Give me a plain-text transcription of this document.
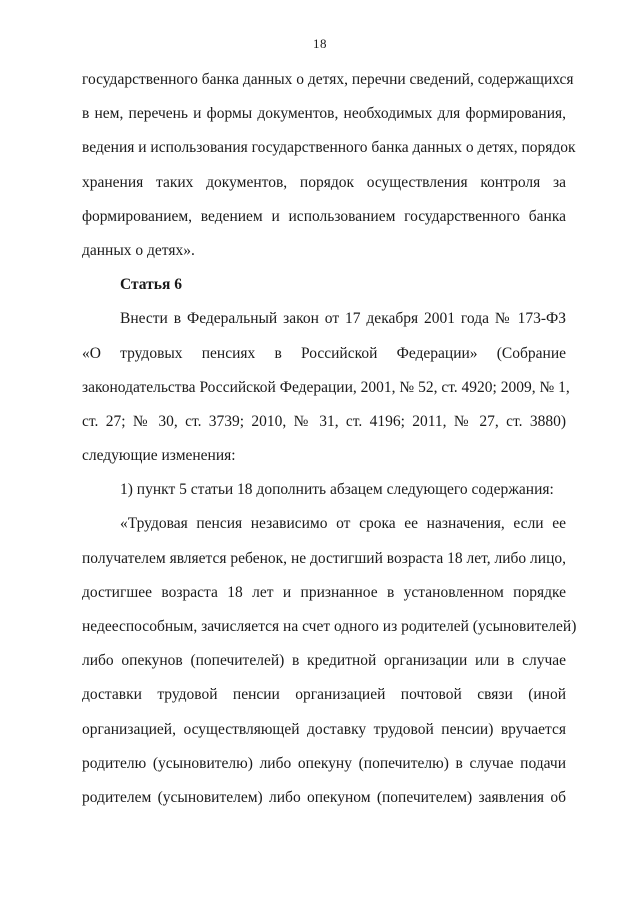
18
государственного банка данных о детях, перечни сведений, содержащихся
в нем, перечень и формы документов, необходимых для формирования,
ведения и использования государственного банка данных о детях, порядок
хранения таких документов, порядок осуществления контроля за
формированием, ведением и использованием государственного банка
данных о детях».
Статья 6
Внести в Федеральный закон от 17 декабря 2001 года № 173-ФЗ
«О трудовых пенсиях в Российской Федерации» (Собрание
законодательства Российской Федерации, 2001, № 52, ст. 4920; 2009, № 1,
ст. 27; № 30, ст. 3739; 2010, № 31, ст. 4196; 2011, № 27, ст. 3880)
следующие изменения:
1) пункт 5 статьи 18 дополнить абзацем следующего содержания:
«Трудовая пенсия независимо от срока ее назначения, если ее
получателем является ребенок, не достигший возраста 18 лет, либо лицо,
достигшее возраста 18 лет и признанное в установленном порядке
недееспособным, зачисляется на счет одного из родителей (усыновителей)
либо опекунов (попечителей) в кредитной организации или в случае
доставки трудовой пенсии организацией почтовой связи (иной
организацией, осуществляющей доставку трудовой пенсии) вручается
родителю (усыновителю) либо опекуну (попечителю) в случае подачи
родителем (усыновителем) либо опекуном (попечителем) заявления об
